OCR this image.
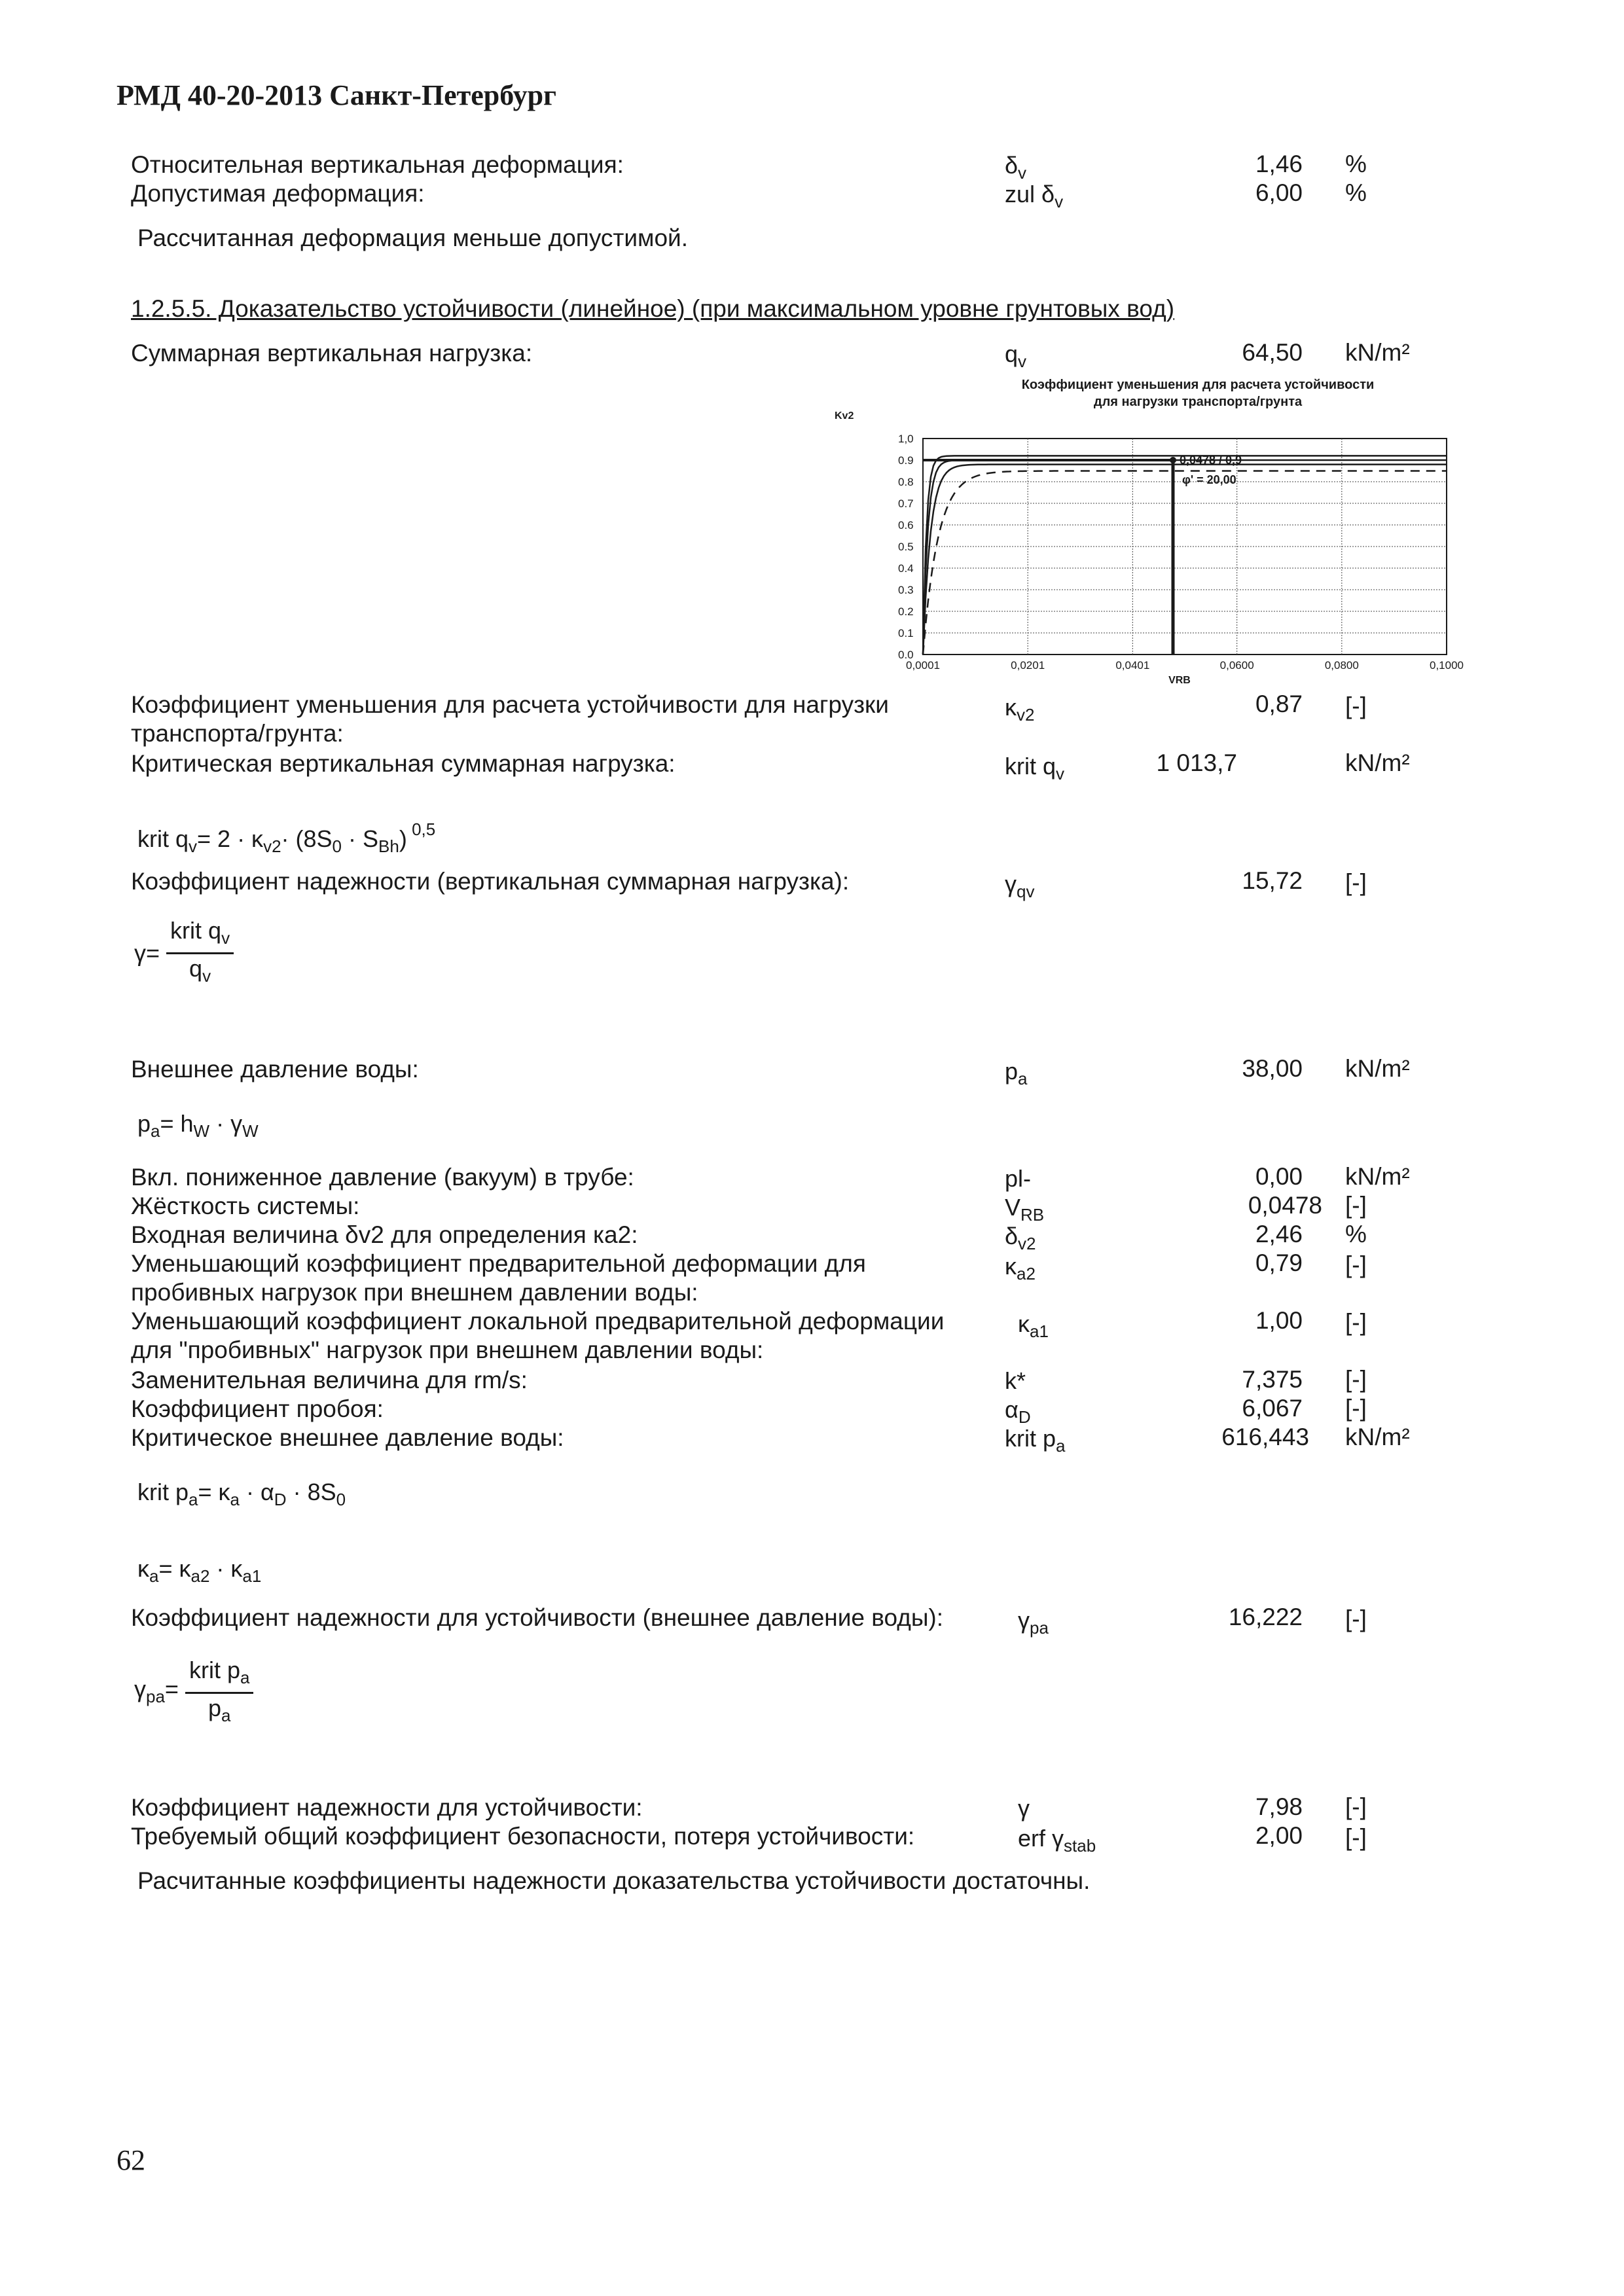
РМД 40-20-2013 Санкт-Петербург
Относительная вертикальная деформация:	$\delta_v$	1,46 %
Допустимая деформация:	zul $\delta_v$	6,00 %
Рассчитанная деформация меньше допустимой.
1.2.5.5. Доказательство устойчивости (линейное) (при максимальном уровне грунтовых вод)
Суммарная вертикальная нагрузка:	$q_v$	64,50 kN/m²
Коэффициент уменьшения для расчета устойчивости
для нагрузки транспорта/грунта
Kv2
0.0
0.1
0.2
0.3
0.4
0.5
0.6
0.7
0.8
0.9
1,0
0,0001	0,0201	0,0401	0,0600	0,0800	0,1000
VRB
0,0478 / 0,9
φ' = 20,00
Коэффициент уменьшения для расчета устойчивости для нагрузки
транспорта/грунта:
$\kappa_{v2}$	0,87 [-]
Критическая вертикальная суммарная нагрузка:	krit $q_v$	1 013,7	kN/m²
krit $q_v= 2 \cdot \kappa_{v2}\cdot (8S_0 \cdot S_{Bh})$ $^{0,5}$
Коэффициент надежности (вертикальная суммарная нагрузка):	$\gamma_{qv}$	15,72 [-]
$\gamma= \frac{krit q_v}{q_v}$
Внешнее давление воды:	$p_a$	38,00 kN/m²
$p_a= h_W \cdot \gamma_W$
Вкл. пониженное давление (вакуум) в трубе:	pl-	0,00 kN/m²
Жёсткость системы:	$V_{RB}$	0,0478 [-]
Входная величина δv2 для определения ка2:	$\delta_{v2}$	2,46 %
Уменьшающий коэффициент предварительной деформации для
пробивных нагрузок при внешнем давлении воды:
$\kappa_{a2}$	0,79 [-]
Уменьшающий коэффициент локальной предварительной деформации
для "пробивных" нагрузок при внешнем давлении воды:
$\kappa_{a1}$	1,00 [-]
Заменительная величина для rm/s:	k*	7,375 [-]
Коэффициент пробоя:	$\alpha_D$	6,067 [-]
Критическое внешнее давление воды:	krit $p_a$	616,443 kN/m²
krit $p_a= \kappa_a \cdot \alpha_D \cdot 8S_0$
$\kappa_a= \kappa_{a2} \cdot \kappa_{a1}$
Коэффициент надежности для устойчивости (внешнее давление воды):	$\gamma_{pa}$	16,222 [-]
$\gamma_{pa}= \frac{krit p_a}{p_a}$
Коэффициент надежности для устойчивости:	γ	7,98 [-]
Требуемый общий коэффициент безопасности, потеря устойчивости:	erf $\gamma_{stab}$	2,00 [-]
Расчитанные коэффициенты надежности доказательства устойчивости достаточны.
62
